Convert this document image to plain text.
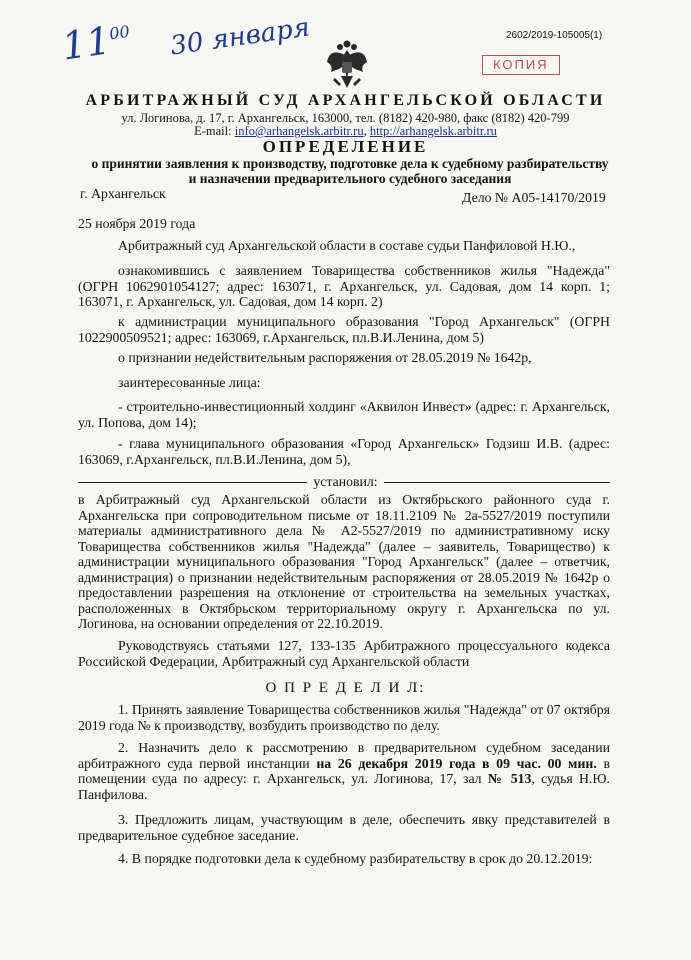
$11^{00}$ 30 января	2602/2019-105005(1)
КОПИЯ
АРБИТРАЖНЫЙ СУД АРХАНГЕЛЬСКОЙ ОБЛАСТИ
ул. Логинова, д. 17, г. Архангельск, 163000, тел. (8182) 420-980, факс (8182) 420-799
E-mail: info@arhangelsk.arbitr.ru, http://arhangelsk.arbitr.ru
ОПРЕДЕЛЕНИЕ
о принятии заявления к производству, подготовке дела к судебному разбирательству
и назначении предварительного судебного заседания
г. Архангельск	Дело № А05-14170/2019
25 ноября 2019 года

Арбитражный суд Архангельской области в составе судьи Панфиловой Н.Ю.,

ознакомившись с заявлением Товарищества собственников жилья "Надежда" (ОГРН 1062901054127; адрес: 163071, г. Архангельск, ул. Садовая, дом 14 корп. 1; 163071, г. Архангельск, ул. Садовая, дом 14 корп. 2)

к администрации муниципального образования "Город Архангельск" (ОГРН 1022900509521; адрес: 163069, г.Архангельск, пл.В.И.Ленина, дом 5)

о признании недействительным распоряжения от 28.05.2019 № 1642р,

заинтересованные лица:

- строительно-инвестиционный холдинг «Аквилон Инвест» (адрес: г. Архангельск, ул. Попова, дом 14);

- глава муниципального образования «Город Архангельск» Годзиш И.В. (адрес: 163069, г.Архангельск, пл.В.И.Ленина, дом 5),

установил:

в Арбитражный суд Архангельской области из Октябрьского районного суда г. Архангельска при сопроводительном письме от 18.11.2109 № 2а-5527/2019 поступили материалы административного дела № А2-5527/2019 по административному иску Товарищества собственников жилья "Надежда" (далее – заявитель, Товарищество) к администрации муниципального образования "Город Архангельск" (далее – ответчик, администрация) о признании недействительным распоряжения от 28.05.2019 № 1642р о предоставлении разрешения на отклонение от строительства на земельных участках, расположенных в Октябрьском территориальному округу г. Архангельска по ул. Логинова, на основании определения от 22.10.2019.

Руководствуясь статьями 127, 133-135 Арбитражного процессуального кодекса Российской Федерации, Арбитражный суд Архангельской области

О П Р Е Д Е Л И Л:

1. Принять заявление Товарищества собственников жилья "Надежда" от 07 октября 2019 года № к производству, возбудить производство по делу.

2. Назначить дело к рассмотрению в предварительном судебном заседании арбитражного суда первой инстанции на 26 декабря 2019 года в 09 час. 00 мин. в помещении суда по адресу: г. Архангельск, ул. Логинова, 17, зал № 513, судья Н.Ю. Панфилова.

3. Предложить лицам, участвующим в деле, обеспечить явку представителей в предварительное судебное заседание.

4. В порядке подготовки дела к судебному разбирательству в срок до 20.12.2019:
